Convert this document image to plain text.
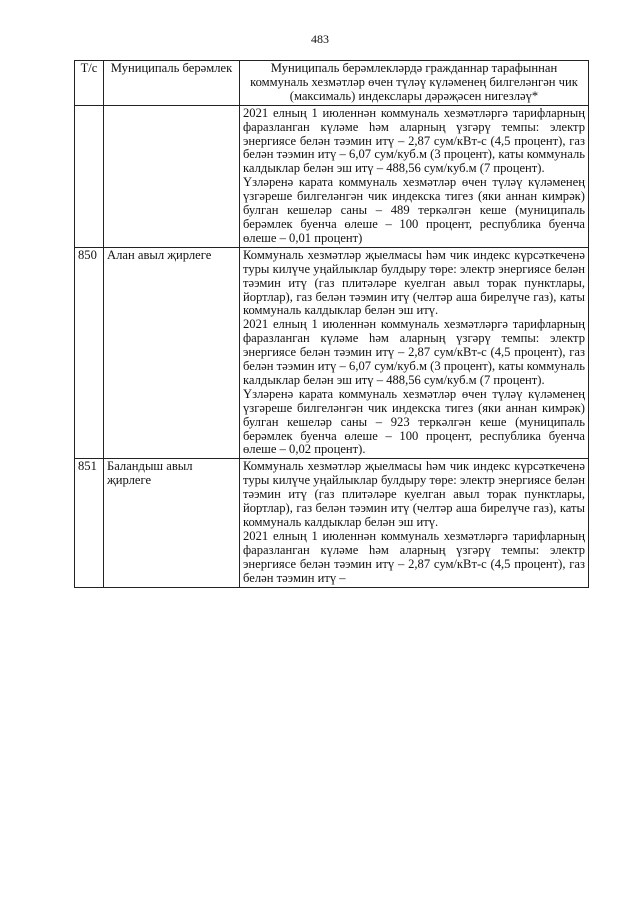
483
Т/с	Муниципаль берәмлек	Муниципаль берәмлекләрдә гражданнар тарафыннан коммуналь хезмәтләр өчен түләү күләменең билгеләнгән чик (максималь) индекслары дәрәҗәсен нигезләү*

		2021 елның 1 июленнән коммуналь хезмәтләргә тарифларның фаразланган күләме һәм аларның үзгәрү темпы: электр энергиясе белән тәэмин итү – 2,87 сум/кВт-с (4,5 процент), газ белән тәэмин итү – 6,07 сум/куб.м (3 процент), каты коммуналь калдыклар белән эш итү – 488,56 сум/куб.м (7 процент).

Үзләренә карата коммуналь хезмәтләр өчен түләү күләменең үзгәреше билгеләнгән чик индекска тигез (яки аннан кимрәк) булган кешеләр саны – 489 теркәлгән кеше (муниципаль берәмлек буенча өлеше – 100 процент, республика буенча өлеше – 0,01 процент)

850	Алан авыл җирлеге	Коммуналь хезмәтләр җыелмасы һәм чик индекс күрсәткеченә туры килүче уңайлыклар булдыру төре: электр энергиясе белән тәэмин итү (газ плитәләре куелган авыл торак пунктлары, йортлар), газ белән тәэмин итү (челтәр аша бирелүче газ), каты коммуналь калдыклар белән эш итү.

2021 елның 1 июленнән коммуналь хезмәтләргә тарифларның фаразланган күләме һәм аларның үзгәрү темпы: электр энергиясе белән тәэмин итү – 2,87 сум/кВт-с (4,5 процент), газ белән тәэмин итү – 6,07 сум/куб.м (3 процент), каты коммуналь калдыклар белән эш итү – 488,56 сум/куб.м (7 процент).

Үзләренә карата коммуналь хезмәтләр өчен түләү күләменең үзгәреше билгеләнгән чик индекска тигез (яки аннан кимрәк) булган кешеләр саны – 923 теркәлгән кеше (муниципаль берәмлек буенча өлеше – 100 процент, республика буенча өлеше – 0,02 процент).

851	Баландыш авыл җирлеге	Коммуналь хезмәтләр җыелмасы һәм чик индекс күрсәткеченә туры килүче уңайлыклар булдыру төре: электр энергиясе белән тәэмин итү (газ плитәләре куелган авыл торак пунктлары, йортлар), газ белән тәэмин итү (челтәр аша бирелүче газ), каты коммуналь калдыклар белән эш итү.

2021 елның 1 июленнән коммуналь хезмәтләргә тарифларның фаразланган күләме һәм аларның үзгәрү темпы: электр энергиясе белән тәэмин итү – 2,87 сум/кВт-с (4,5 процент), газ белән тәэмин итү –
